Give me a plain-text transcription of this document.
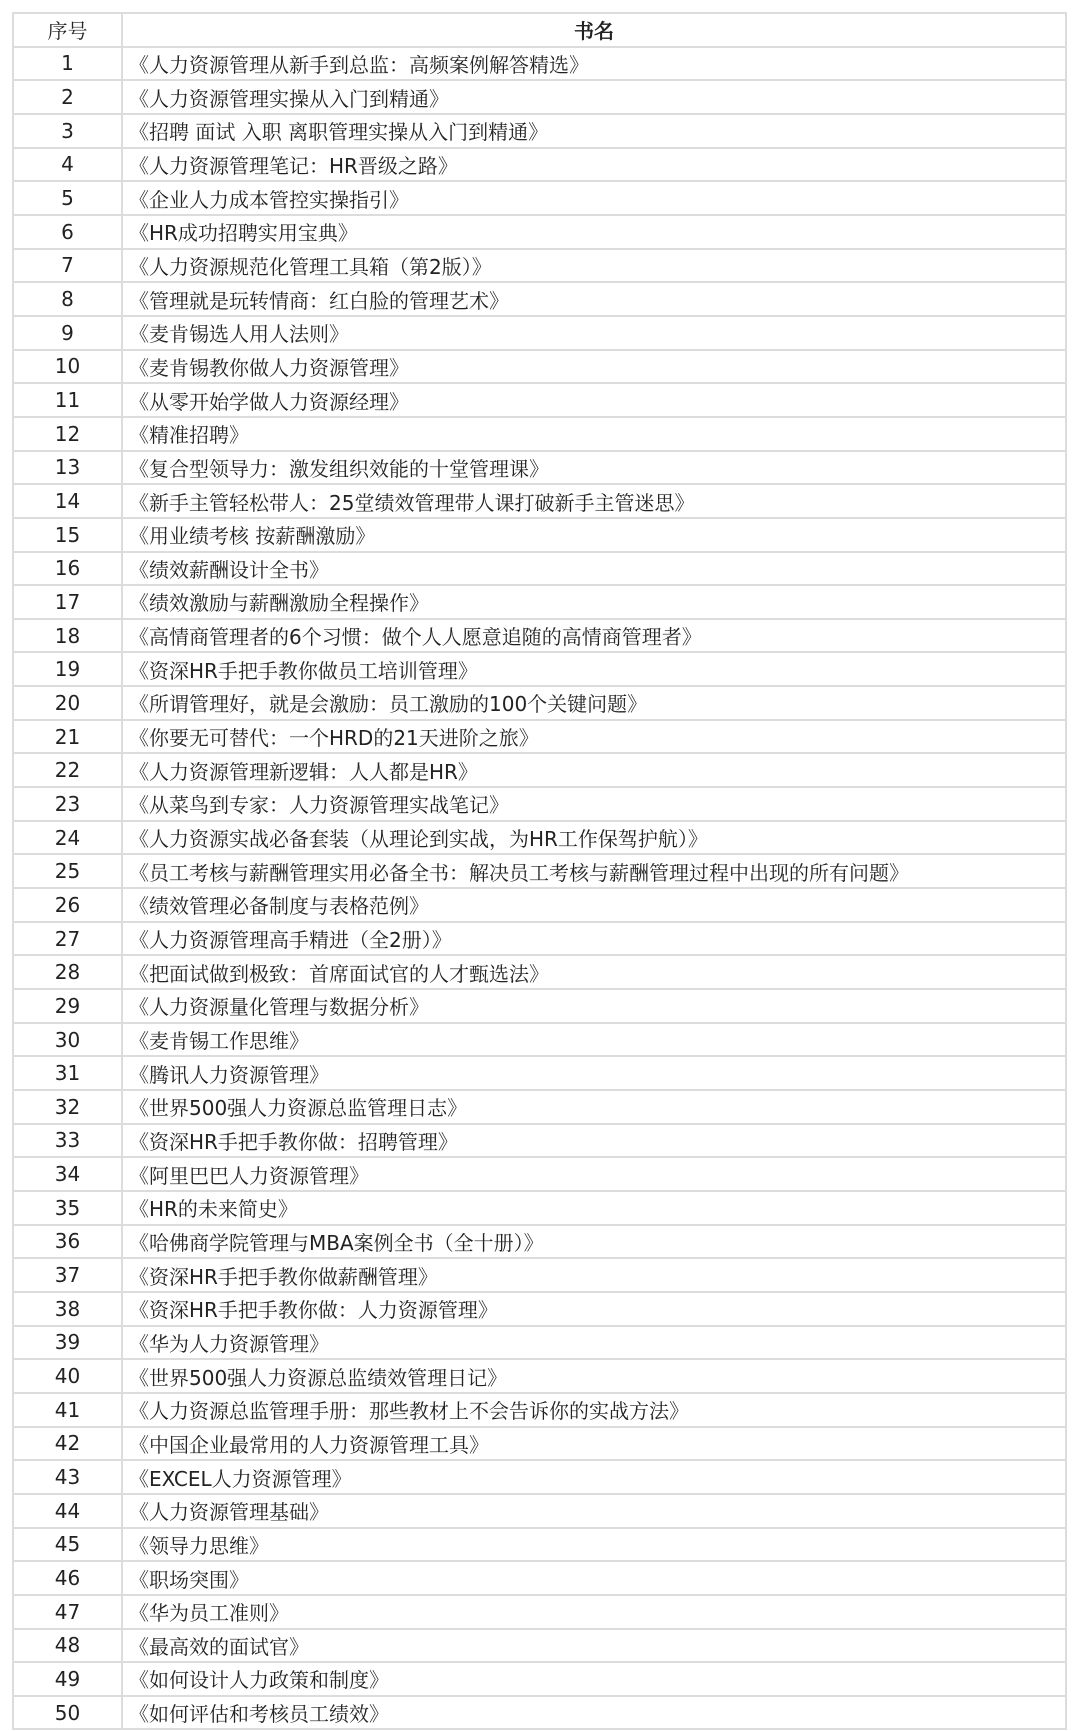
序号	书名
1	《人力资源管理从新手到总监：高频案例解答精选》
2	《人力资源管理实操从入门到精通》
3	《招聘 面试 入职 离职管理实操从入门到精通》
4	《人力资源管理笔记：HR晋级之路》
5	《企业人力成本管控实操指引》
6	《HR成功招聘实用宝典》
7	《人力资源规范化管理工具箱（第2版）》
8	《管理就是玩转情商：红白脸的管理艺术》
9	《麦肯锡选人用人法则》
10	《麦肯锡教你做人力资源管理》
11	《从零开始学做人力资源经理》
12	《精准招聘》
13	《复合型领导力：激发组织效能的十堂管理课》
14	《新手主管轻松带人：25堂绩效管理带人课打破新手主管迷思》
15	《用业绩考核 按薪酬激励》
16	《绩效薪酬设计全书》
17	《绩效激励与薪酬激励全程操作》
18	《高情商管理者的6个习惯：做个人人愿意追随的高情商管理者》
19	《资深HR手把手教你做员工培训管理》
20	《所谓管理好，就是会激励：员工激励的100个关键问题》
21	《你要无可替代：一个HRD的21天进阶之旅》
22	《人力资源管理新逻辑：人人都是HR》
23	《从菜鸟到专家：人力资源管理实战笔记》
24	《人力资源实战必备套装（从理论到实战，为HR工作保驾护航）》
25	《员工考核与薪酬管理实用必备全书：解决员工考核与薪酬管理过程中出现的所有问题》
26	《绩效管理必备制度与表格范例》
27	《人力资源管理高手精进（全2册）》
28	《把面试做到极致：首席面试官的人才甄选法》
29	《人力资源量化管理与数据分析》
30	《麦肯锡工作思维》
31	《腾讯人力资源管理》
32	《世界500强人力资源总监管理日志》
33	《资深HR手把手教你做：招聘管理》
34	《阿里巴巴人力资源管理》
35	《HR的未来简史》
36	《哈佛商学院管理与MBA案例全书（全十册）》
37	《资深HR手把手教你做薪酬管理》
38	《资深HR手把手教你做：人力资源管理》
39	《华为人力资源管理》
40	《世界500强人力资源总监绩效管理日记》
41	《人力资源总监管理手册：那些教材上不会告诉你的实战方法》
42	《中国企业最常用的人力资源管理工具》
43	《EXCEL人力资源管理》
44	《人力资源管理基础》
45	《领导力思维》
46	《职场突围》
47	《华为员工准则》
48	《最高效的面试官》
49	《如何设计人力政策和制度》
50	《如何评估和考核员工绩效》
